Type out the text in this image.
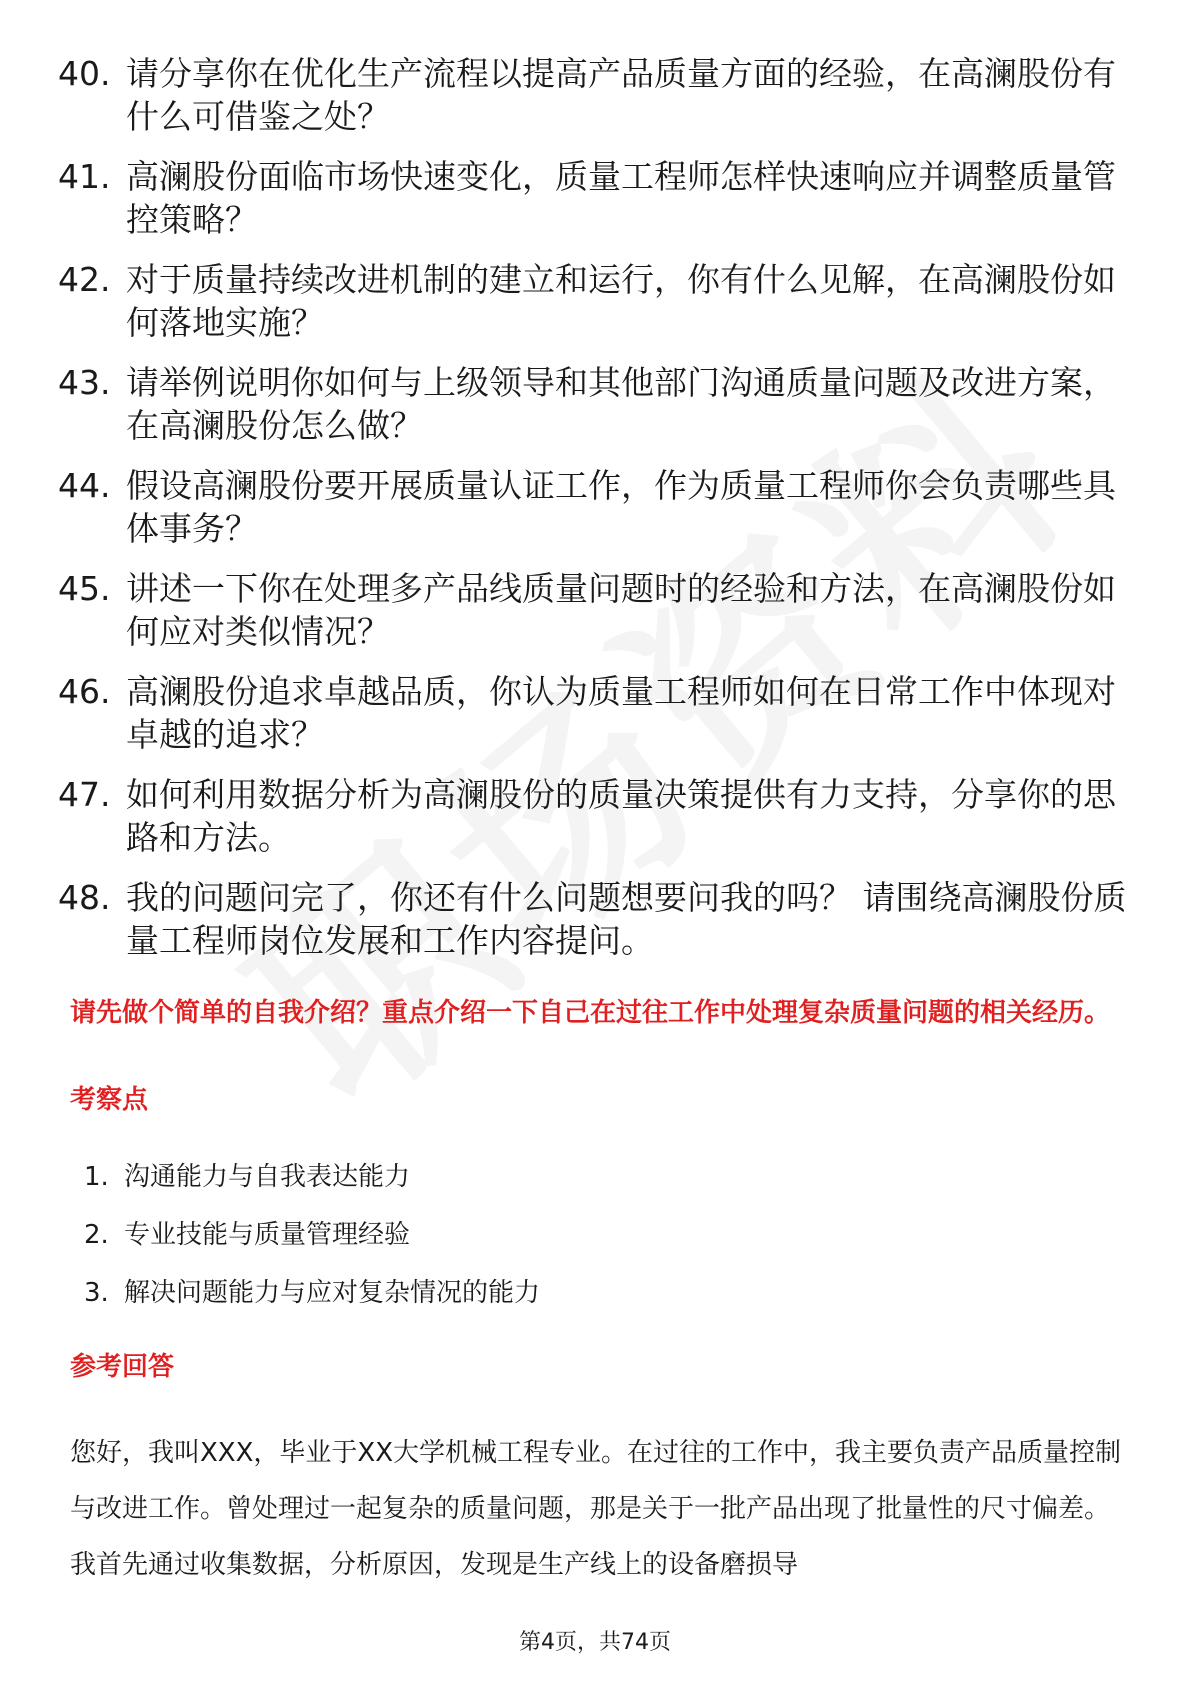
40. 请分享你在优化生产流程以提高产品质量方面的经验，在高澜股份有什么可借鉴之处？
41. 高澜股份面临市场快速变化，质量工程师怎样快速响应并调整质量管控策略？
42. 对于质量持续改进机制的建立和运行，你有什么见解，在高澜股份如何落地实施？
43. 请举例说明你如何与上级领导和其他部门沟通质量问题及改进方案，在高澜股份怎么做？
44. 假设高澜股份要开展质量认证工作，作为质量工程师你会负责哪些具体事务？
45. 讲述一下你在处理多产品线质量问题时的经验和方法，在高澜股份如何应对类似情况？
46. 高澜股份追求卓越品质，你认为质量工程师如何在日常工作中体现对卓越的追求？
47. 如何利用数据分析为高澜股份的质量决策提供有力支持，分享你的思路和方法。
48. 我的问题问完了，你还有什么问题想要问我的吗？ 请围绕高澜股份质量工程师岗位发展和工作内容提问。

请先做个简单的自我介绍？重点介绍一下自己在过往工作中处理复杂质量问题的相关经历。

考察点
1. 沟通能力与自我表达能力
2. 专业技能与质量管理经验
3. 解决问题能力与应对复杂情况的能力
参考回答

您好，我叫XXX，毕业于XX大学机械工程专业。在过往的工作中，我主要负责产品质量控制与改进工作。曾处理过一起复杂的质量问题，那是关于一批产品出现了批量性的尺寸偏差。我首先通过收集数据，分析原因，发现是生产线上的设备磨损导

第4页，共74页
